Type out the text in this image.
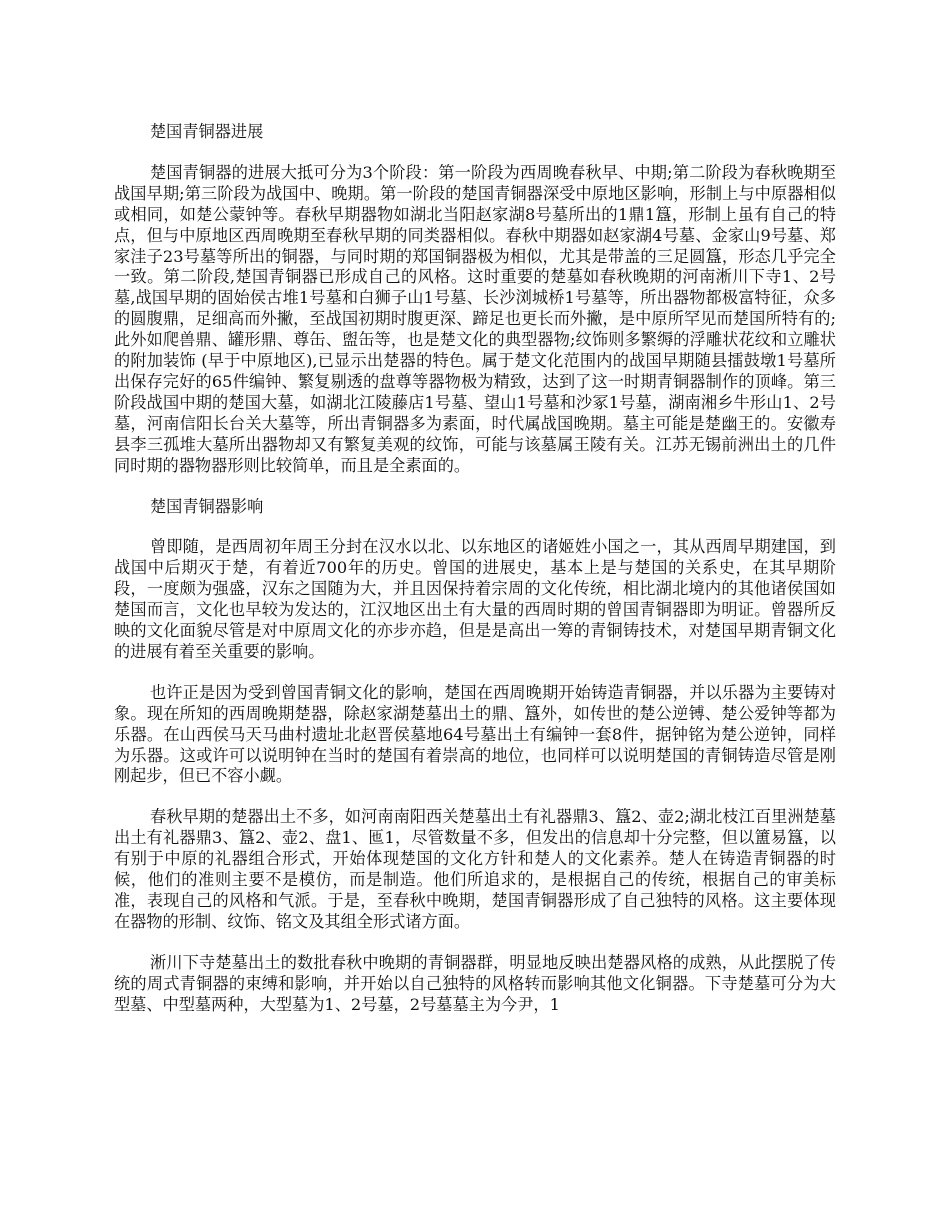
楚国青铜器进展

楚国青铜器的进展大抵可分为3个阶段：第一阶段为西周晚春秋早、中期;第二阶段为春秋晚期至战国早期;第三阶段为战国中、晚期。第一阶段的楚国青铜器深受中原地区影响，形制上与中原器相似或相同，如楚公蒙钟等。春秋早期器物如湖北当阳赵家湖8号墓所出的1鼎1簋，形制上虽有自己的特点，但与中原地区西周晚期至春秋早期的同类器相似。春秋中期器如赵家湖4号墓、金家山9号墓、郑家洼子23号墓等所出的铜器，与同时期的郑国铜器极为相似，尤其是带盖的三足圆簋，形态几乎完全一致。第二阶段,楚国青铜器已形成自己的风格。这时重要的楚墓如春秋晚期的河南淅川下寺1、2号墓,战国早期的固始侯古堆1号墓和白狮子山1号墓、长沙浏城桥1号墓等，所出器物都极富特征，众多的圆腹鼎，足细高而外撇，至战国初期时腹更深、蹄足也更长而外撇，是中原所罕见而楚国所特有的;此外如爬兽鼎、罐形鼎、尊缶、盥缶等，也是楚文化的典型器物;纹饰则多繁缛的浮雕状花纹和立雕状的附加装饰 (早于中原地区),已显示出楚器的特色。属于楚文化范围内的战国早期随县擂鼓墩1号墓所出保存完好的65件编钟、繁复剔透的盘尊等器物极为精致，达到了这一时期青铜器制作的顶峰。第三阶段战国中期的楚国大墓，如湖北江陵藤店1号墓、望山1号墓和沙冢1号墓，湖南湘乡牛形山1、2号墓，河南信阳长台关大墓等，所出青铜器多为素面，时代属战国晚期。墓主可能是楚幽王的。安徽寿县李三孤堆大墓所出器物却又有繁复美观的纹饰，可能与该墓属王陵有关。江苏无锡前洲出土的几件同时期的器物器形则比较简单，而且是全素面的。

楚国青铜器影响

曾即随，是西周初年周王分封在汉水以北、以东地区的诸姬姓小国之一，其从西周早期建国，到战国中后期灭于楚，有着近700年的历史。曾国的进展史，基本上是与楚国的关系史，在其早期阶段，一度颇为强盛，汉东之国随为大，并且因保持着宗周的文化传统，相比湖北境内的其他诸侯国如楚国而言，文化也早较为发达的，江汉地区出土有大量的西周时期的曾国青铜器即为明证。曾器所反映的文化面貌尽管是对中原周文化的亦步亦趋，但是是高出一筹的青铜铸技术，对楚国早期青铜文化的进展有着至关重要的影响。

也许正是因为受到曾国青铜文化的影响，楚国在西周晚期开始铸造青铜器，并以乐器为主要铸对象。现在所知的西周晚期楚器，除赵家湖楚墓出土的鼎、簋外，如传世的楚公逆镈、楚公爱钟等都为乐器。在山西侯马天马曲村遗址北赵晋侯墓地64号墓出土有编钟一套8件，据钟铭为楚公逆钟，同样为乐器。这或许可以说明钟在当时的楚国有着崇高的地位，也同样可以说明楚国的青铜铸造尽管是刚刚起步，但已不容小觑。

春秋早期的楚器出土不多，如河南南阳西关楚墓出土有礼器鼎3、簋2、壶2;湖北枝江百里洲楚墓出土有礼器鼎3、簋2、壶2、盘1、匜1，尽管数量不多，但发出的信息却十分完整，但以簠易簋，以有别于中原的礼器组合形式，开始体现楚国的文化方针和楚人的文化素养。楚人在铸造青铜器的时候，他们的准则主要不是模仿，而是制造。他们所追求的，是根据自己的传统，根据自己的审美标准，表现自己的风格和气派。于是，至春秋中晚期，楚国青铜器形成了自己独特的风格。这主要体现在器物的形制、纹饰、铭文及其组全形式诸方面。

淅川下寺楚墓出土的数批春秋中晚期的青铜器群，明显地反映出楚器风格的成熟，从此摆脱了传统的周式青铜器的束缚和影响，并开始以自己独特的风格转而影响其他文化铜器。下寺楚墓可分为大型墓、中型墓两种，大型墓为1、2号墓，2号墓墓主为今尹，1
